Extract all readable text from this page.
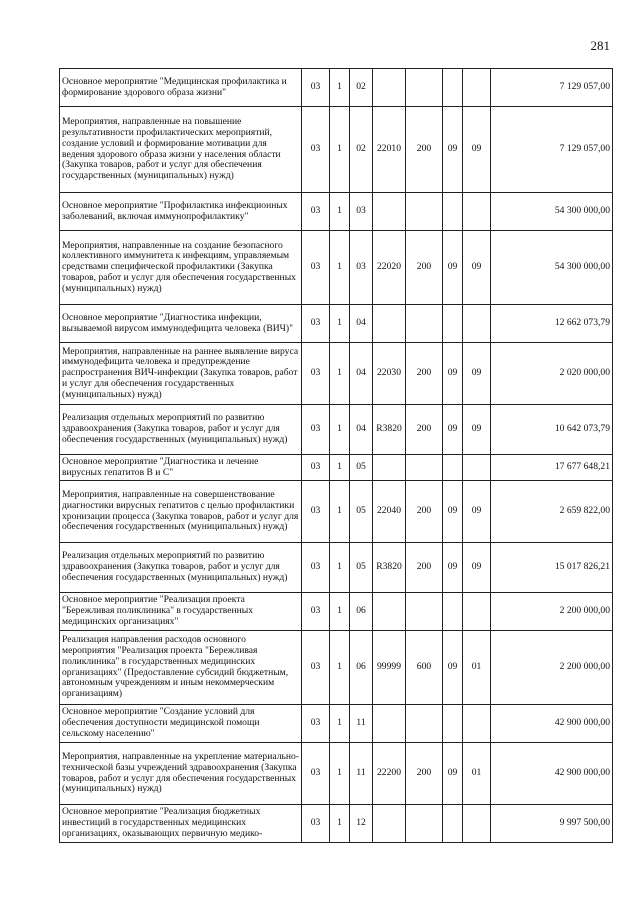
281
Основное мероприятие "Медицинская профилактика и формирование здорового образа жизни"	03	1	02					7 129 057,00
Мероприятия, направленные на повышение результативности профилактических мероприятий, создание условий и формирование мотивации для ведения здорового образа жизни у населения области (Закупка товаров, работ и услуг для обеспечения государственных (муниципальных) нужд)	03	1	02	22010	200	09	09	7 129 057,00
Основное мероприятие "Профилактика инфекционных заболеваний, включая иммунопрофилактику"	03	1	03					54 300 000,00
Мероприятия, направленные на создание безопасного коллективного иммунитета к инфекциям, управляемым средствами специфической профилактики (Закупка товаров, работ и услуг для обеспечения государственных (муниципальных) нужд)	03	1	03	22020	200	09	09	54 300 000,00
Основное мероприятие "Диагностика инфекции, вызываемой вирусом иммунодефицита человека (ВИЧ)"	03	1	04					12 662 073,79
Мероприятия, направленные на раннее выявление вируса иммунодефицита человека и предупреждение распространения ВИЧ-инфекции (Закупка товаров, работ и услуг для обеспечения государственных (муниципальных) нужд)	03	1	04	22030	200	09	09	2 020 000,00
Реализация отдельных мероприятий по развитию здравоохранения (Закупка товаров, работ и услуг для обеспечения государственных (муниципальных) нужд)	03	1	04	R3820	200	09	09	10 642 073,79
Основное мероприятие "Диагностика и лечение вирусных гепатитов В и С"	03	1	05					17 677 648,21
Мероприятия, направленные на совершенствование диагностики вирусных гепатитов с целью профилактики хронизации процесса (Закупка товаров, работ и услуг для обеспечения государственных (муниципальных) нужд)	03	1	05	22040	200	09	09	2 659 822,00
Реализация отдельных мероприятий по развитию здравоохранения (Закупка товаров, работ и услуг для обеспечения государственных (муниципальных) нужд)	03	1	05	R3820	200	09	09	15 017 826,21
Основное мероприятие "Реализация проекта "Бережливая поликлиника" в государственных медицинских организациях"	03	1	06					2 200 000,00
Реализация направления расходов основного мероприятия "Реализация проекта "Бережливая поликлиника" в государственных медицинских организациях" (Предоставление субсидий бюджетным, автономным учреждениям и иным некоммерческим организациям)	03	1	06	99999	600	09	01	2 200 000,00
Основное мероприятие "Создание условий для обеспечения доступности медицинской помощи сельскому населению"	03	1	11					42 900 000,00
Мероприятия, направленные на укрепление материально-технической базы учреждений здравоохранения (Закупка товаров, работ и услуг для обеспечения государственных (муниципальных) нужд)	03	1	11	22200	200	09	01	42 900 000,00
Основное мероприятие "Реализация бюджетных инвестиций в государственных медицинских организациях, оказывающих первичную медико-	03	1	12					9 997 500,00
